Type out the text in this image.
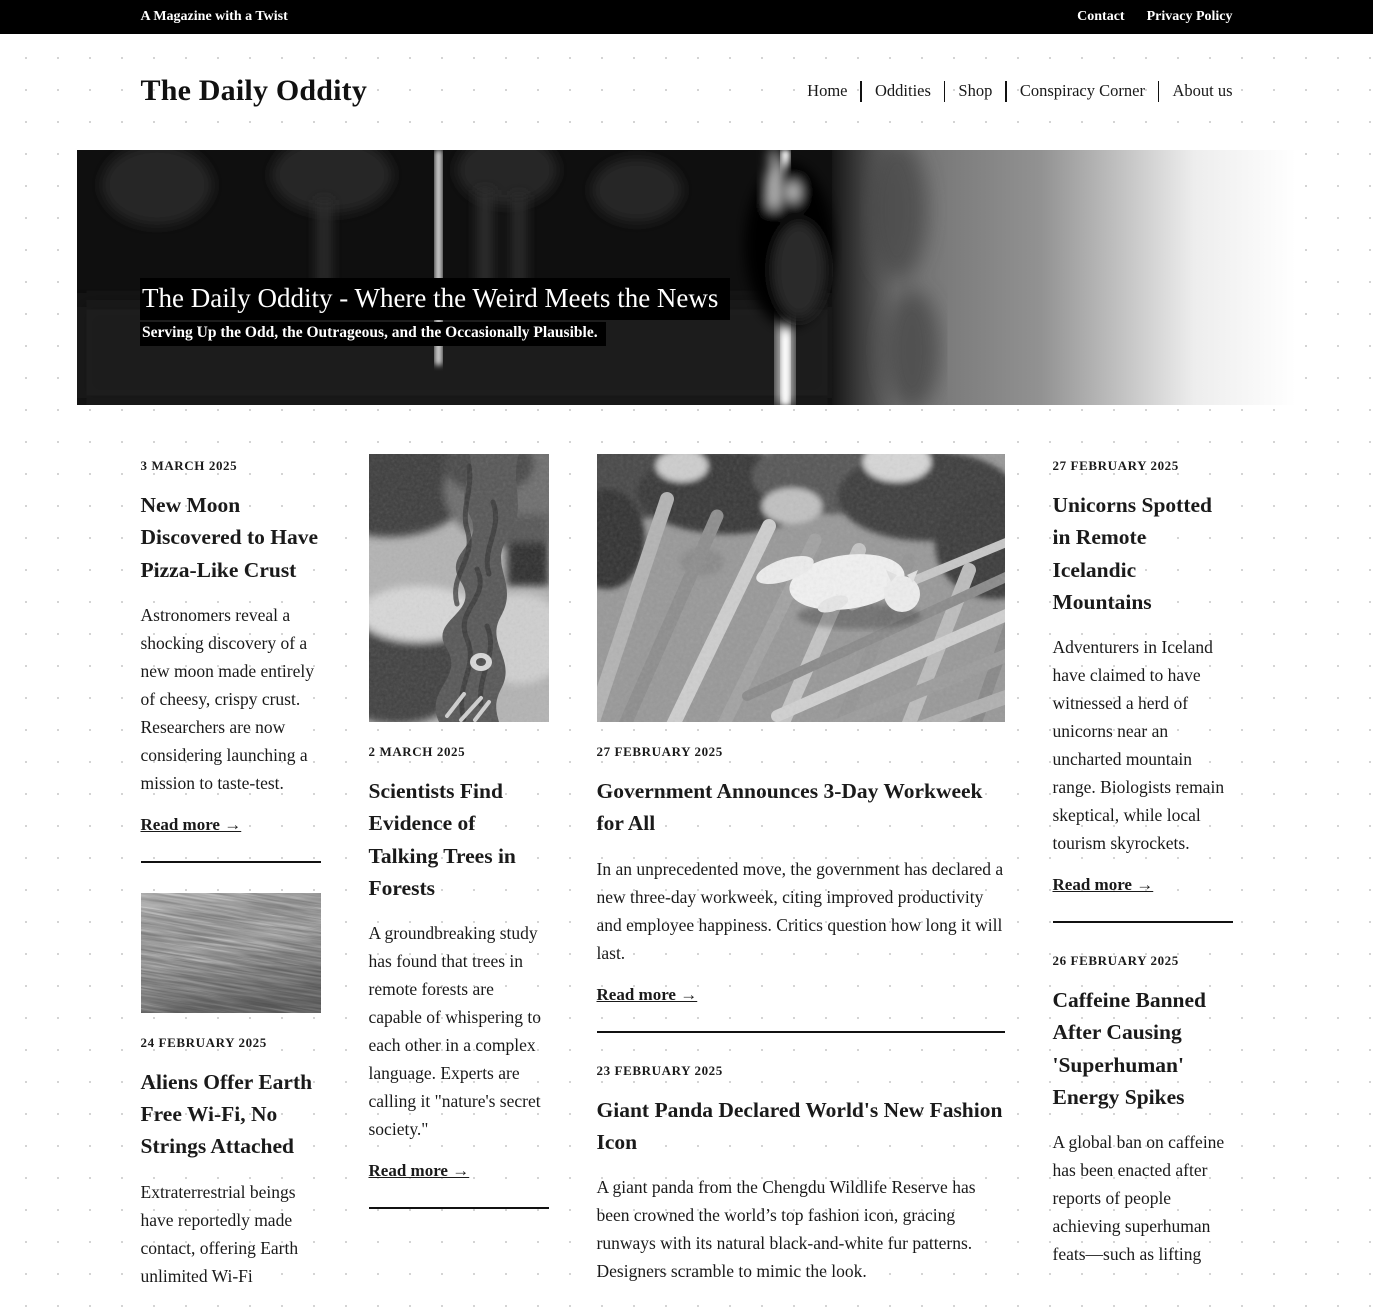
A Magazine with a Twist	Contact Privacy Policy
The Daily Oddity	Home	Oddities	Shop	Conspiracy Corner	About us
The Daily Oddity - Where the Weird Meets the News
Serving Up the Odd, the Outrageous, and the Occasionally Plausible.
3 MARCH 2025
New Moon Discovered to Have Pizza-Like Crust

Astronomers reveal a shocking discovery of a new moon made entirely of cheesy, crispy crust. Researchers are now considering launching a mission to taste-test.

Read more →
24 FEBRUARY 2025
Aliens Offer Earth Free Wi-Fi, No Strings Attached

Extraterrestrial beings have reportedly made contact, offering Earth unlimited Wi-Fi

2 MARCH 2025
Scientists Find Evidence of Talking Trees in Forests

A groundbreaking study has found that trees in remote forests are capable of whispering to each other in a complex language. Experts are calling it "nature's secret society."

Read more →
27 FEBRUARY 2025
Government Announces 3-Day Workweek for All

In an unprecedented move, the government has declared a new three-day workweek, citing improved productivity and employee happiness. Critics question how long it will last.

Read more →
23 FEBRUARY 2025
Giant Panda Declared World's New Fashion Icon

A giant panda from the Chengdu Wildlife Reserve has been crowned the world’s top fashion icon, gracing runways with its natural black-and-white fur patterns. Designers scramble to mimic the look.

27 FEBRUARY 2025
Unicorns Spotted in Remote Icelandic Mountains

Adventurers in Iceland have claimed to have witnessed a herd of unicorns near an uncharted mountain range. Biologists remain skeptical, while local tourism skyrockets.

Read more →
26 FEBRUARY 2025
Caffeine Banned After Causing 'Superhuman' Energy Spikes

A global ban on caffeine has been enacted after reports of people achieving superhuman feats—such as lifting
